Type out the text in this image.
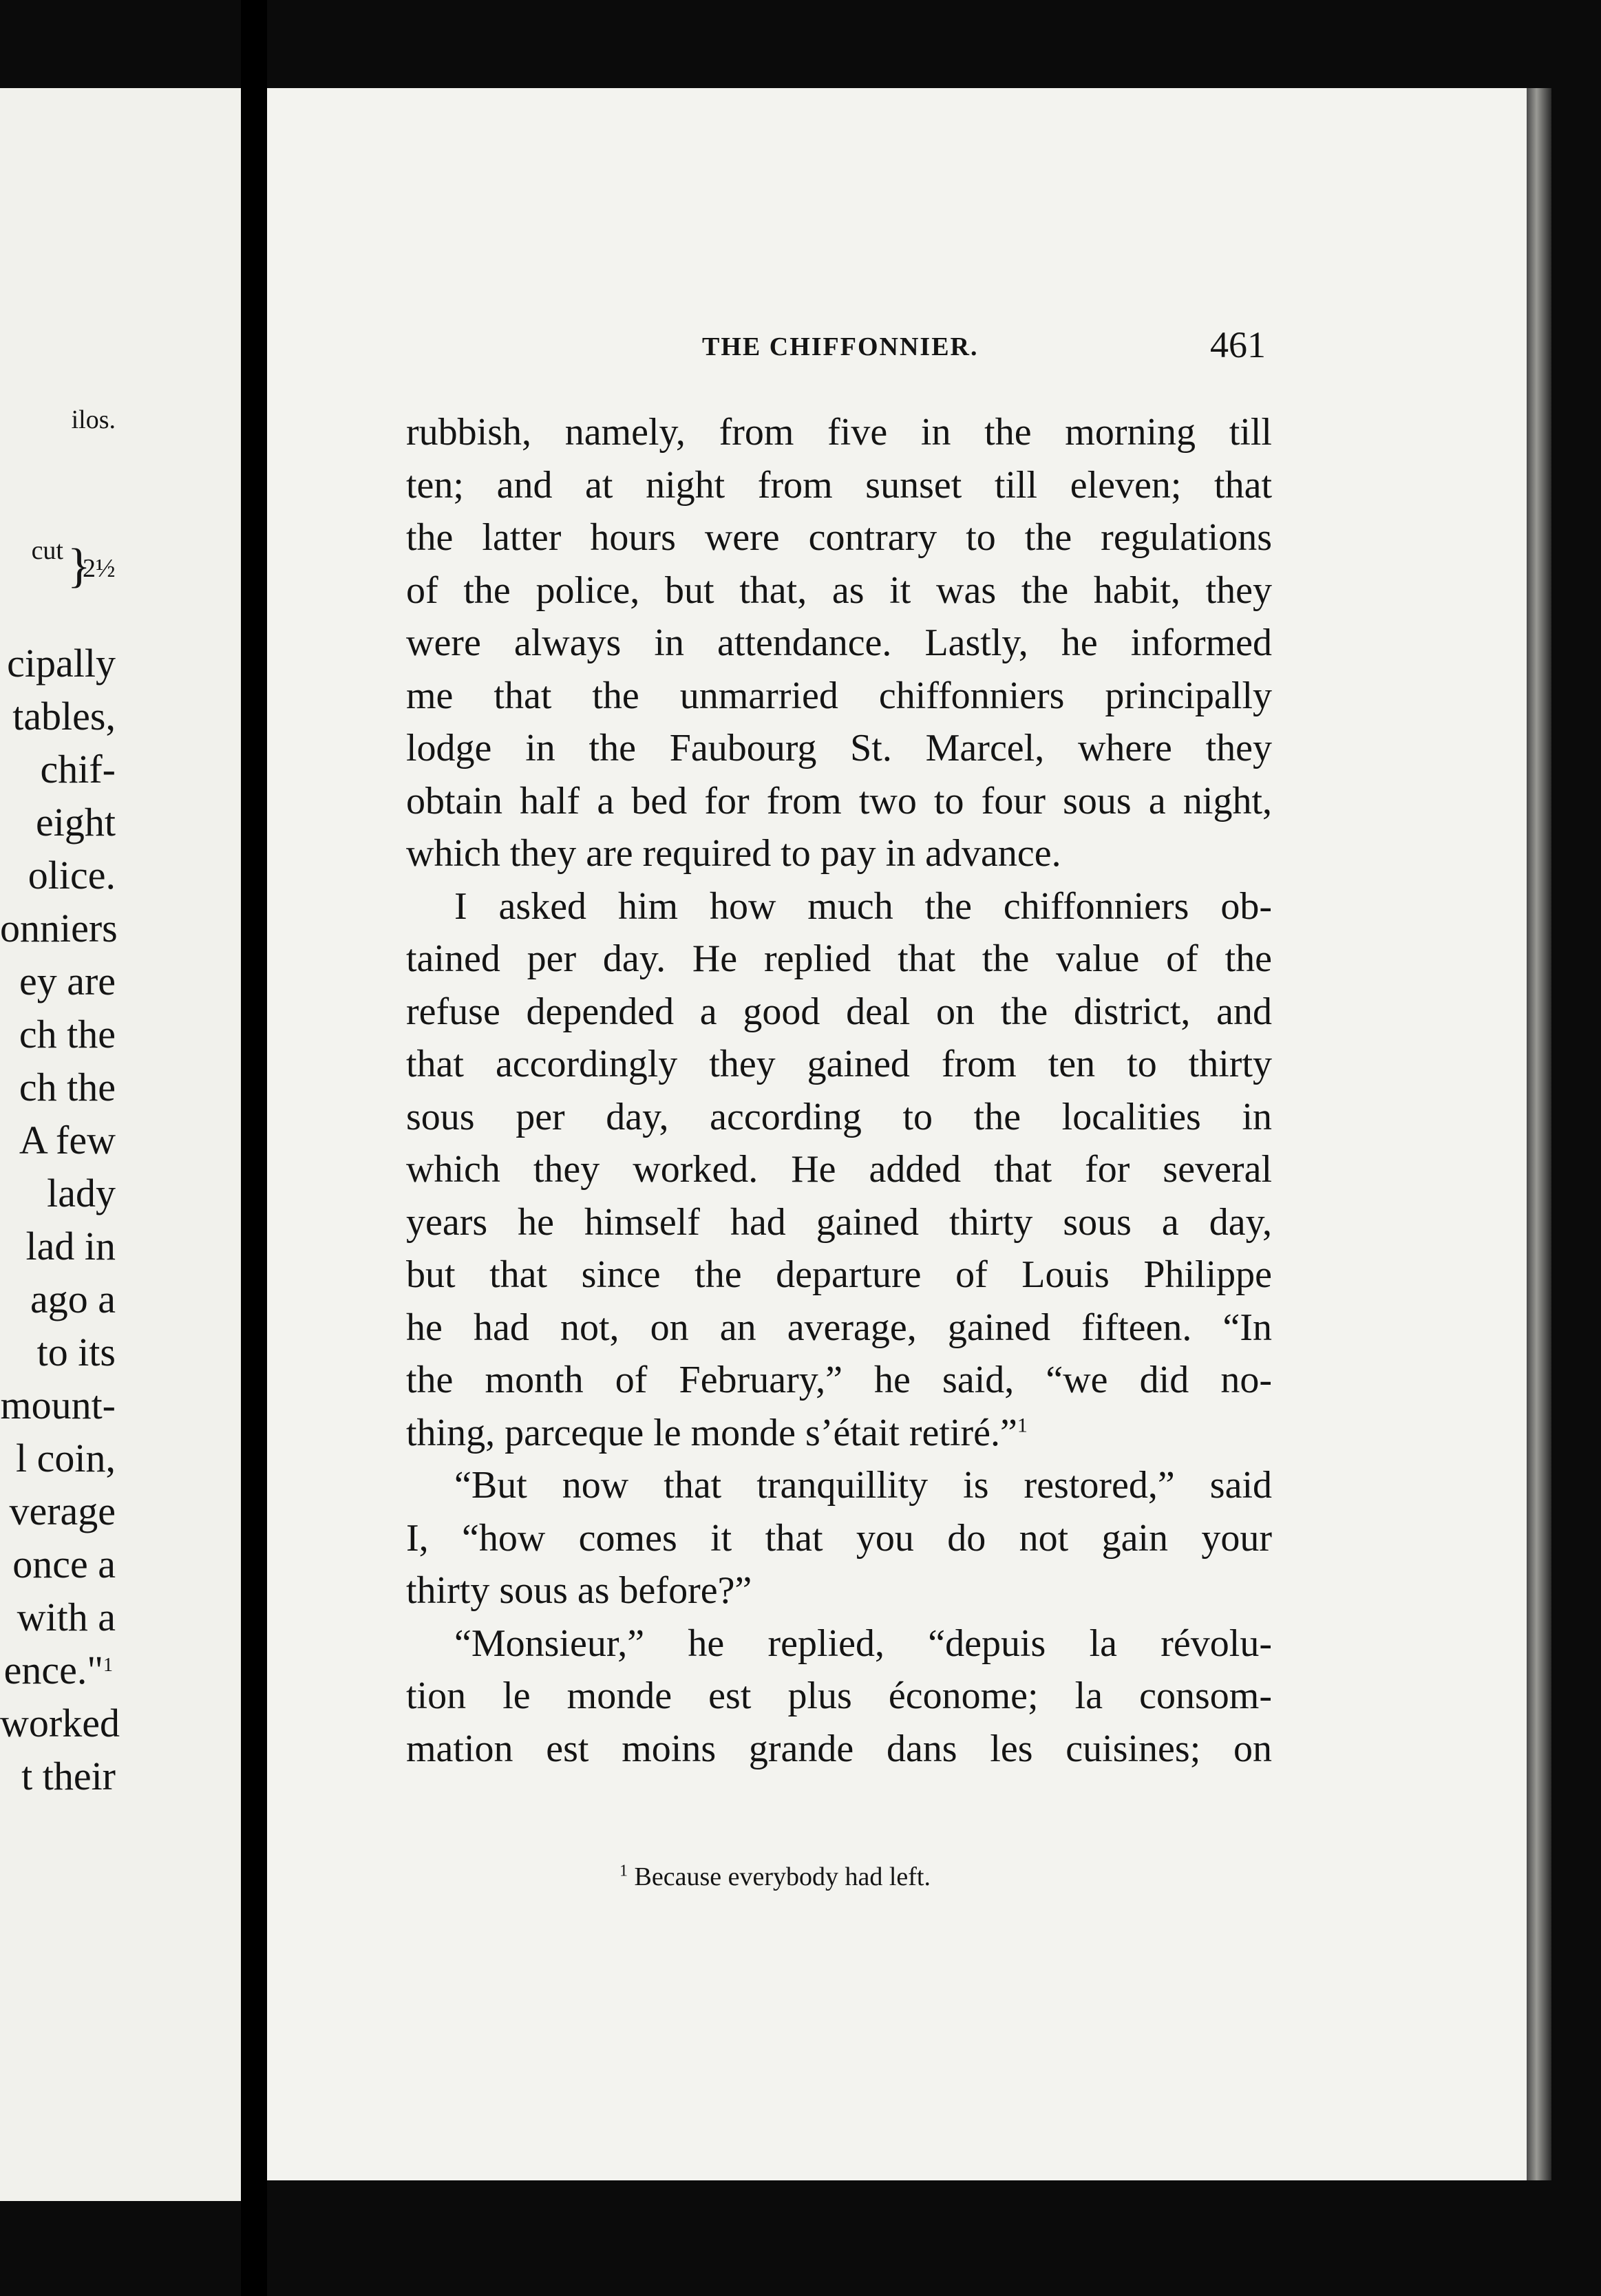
ilos.
cut }
2½
cipally
tables,
chif-
eight
olice.
onniers
ey are
ch the
ch the
A few
lady
lad in
ago a
to its
mount-
l coin,
verage
once a
with a
ence." 1
worked
t their
THE CHIFFONNIER.	461
rubbish, namely, from five in the morning till
ten; and at night from sunset till eleven; that
the latter hours were contrary to the regulations
of the police, but that, as it was the habit, they
were always in attendance. Lastly, he informed
me that the unmarried chiffonniers principally
lodge in the Faubourg St. Marcel, where they
obtain half a bed for from two to four sous a night,
which they are required to pay in advance.
I asked him how much the chiffonniers ob-
tained per day. He replied that the value of the
refuse depended a good deal on the district, and
that accordingly they gained from ten to thirty
sous per day, according to the localities in
which they worked. He added that for several
years he himself had gained thirty sous a day,
but that since the departure of Louis Philippe
he had not, on an average, gained fifteen. “In
the month of February,” he said, “we did no-
thing, parceque le monde s’était retiré.”$^1$
“But now that tranquillity is restored,” said
I, “how comes it that you do not gain your
thirty sous as before?”
“Monsieur,” he replied, “depuis la révolu-
tion le monde est plus économe; la consom-
mation est moins grande dans les cuisines; on
$^1$ Because everybody had left.
